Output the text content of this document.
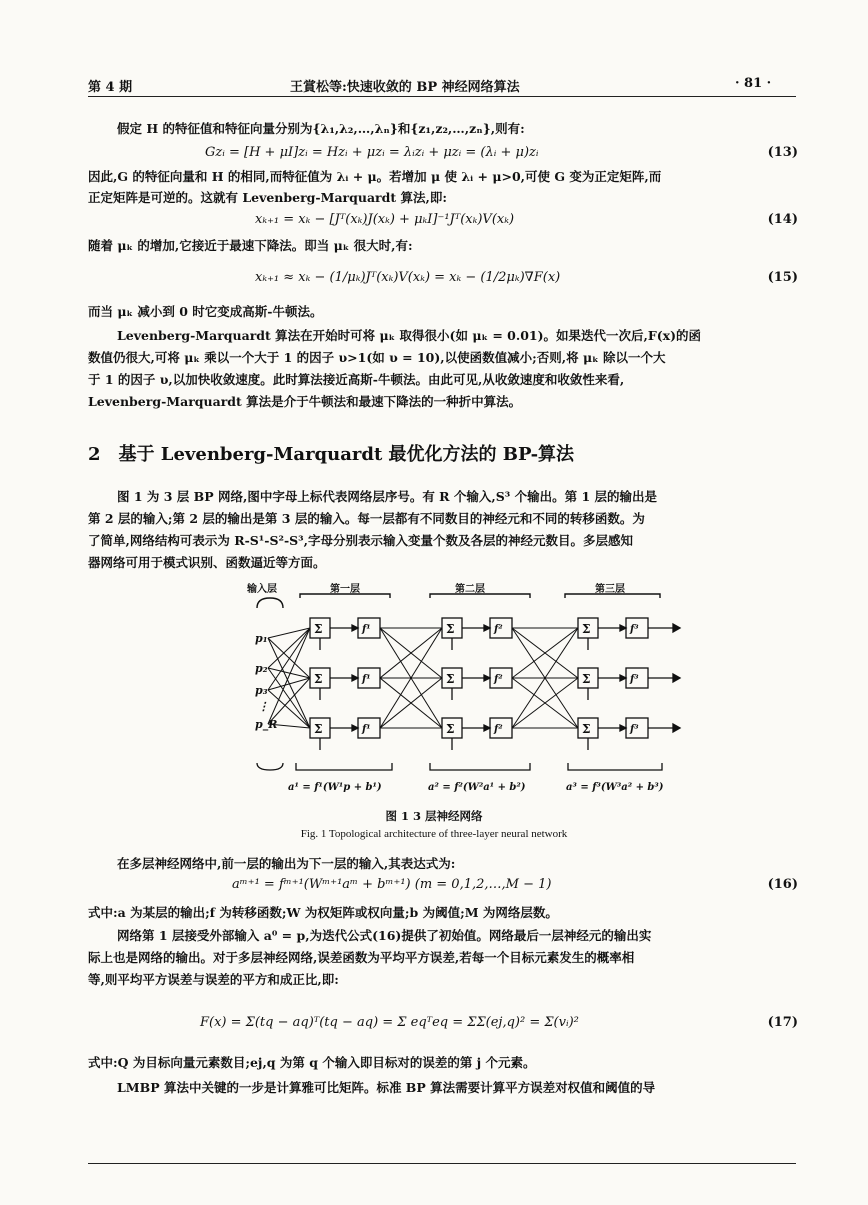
第 4 期	王賞松等:快速收敛的 BP 神经网络算法	· 81 ·
假定 H 的特征值和特征向量分别为{λ₁,λ₂,…,λₙ}和{z₁,z₂,…,zₙ},则有:
Gzᵢ = [H + μI]zᵢ = Hzᵢ + μzᵢ = λᵢzᵢ + μzᵢ = (λᵢ + μ)zᵢ	(13)
因此,G 的特征向量和 H 的相同,而特征值为 λᵢ + μ。若增加 μ 使 λᵢ + μ>0,可使 G 变为正定矩阵,而
正定矩阵是可逆的。这就有 Levenberg-Marquardt 算法,即:
xₖ₊₁ = xₖ − [Jᵀ(xₖ)J(xₖ) + μₖI]⁻¹Jᵀ(xₖ)V(xₖ)	(14)
随着 μₖ 的增加,它接近于最速下降法。即当 μₖ 很大时,有:
xₖ₊₁ ≈ xₖ − (1/μₖ)Jᵀ(xₖ)V(xₖ) = xₖ − (1/2μₖ)∇F(x)	(15)
而当 μₖ 减小到 0 时它变成高斯-牛顿法。
Levenberg-Marquardt 算法在开始时可将 μₖ 取得很小(如 μₖ = 0.01)。如果迭代一次后,F(x)的函
数值仍很大,可将 μₖ 乘以一个大于 1 的因子 υ>1(如 υ = 10),以使函数值减小;否则,将 μₖ 除以一个大
于 1 的因子 υ,以加快收敛速度。此时算法接近高斯-牛顿法。由此可见,从收敛速度和收敛性来看,
Levenberg-Marquardt 算法是介于牛顿法和最速下降法的一种折中算法。
2 基于 Levenberg-Marquardt 最优化方法的 BP-算法
图 1 为 3 层 BP 网络,图中字母上标代表网络层序号。有 R 个输入,S³ 个输出。第 1 层的输出是
第 2 层的输入;第 2 层的输出是第 3 层的输入。每一层都有不同数目的神经元和不同的转移函数。为
了简单,网络结构可表示为 R-S¹-S²-S³,字母分别表示输入变量个数及各层的神经元数目。多层感知
器网络可用于模式识别、函数逼近等方面。
输入层	第一层	第二层	第三层
p₁
p₂
p₃
⋮
p_R
Σ
Σ
Σ
Σ
Σ
Σ
Σ
Σ
Σ
f¹
f¹
f¹
f²
f²
f²
f³
f³
f³
a¹ = f¹(W¹p + b¹)	a² = f²(W²a¹ + b²)	a³ = f³(W³a² + b³)
图 1 3 层神经网络
Fig. 1 Topological architecture of three-layer neural network
在多层神经网络中,前一层的输出为下一层的输入,其表达式为:
aᵐ⁺¹ = fᵐ⁺¹(Wᵐ⁺¹aᵐ + bᵐ⁺¹) (m = 0,1,2,…,M − 1)	(16)
式中:a 为某层的输出;f 为转移函数;W 为权矩阵或权向量;b 为阈值;M 为网络层数。
网络第 1 层接受外部输入 a⁰ = p,为迭代公式(16)提供了初始值。网络最后一层神经元的输出实
际上也是网络的输出。对于多层神经网络,误差函数为平均平方误差,若每一个目标元素发生的概率相
等,则平均平方误差与误差的平方和成正比,即:
F(x) = Σ(tq − aq)ᵀ(tq − aq) = Σ eqᵀeq = ΣΣ(ej,q)² = Σ(vᵢ)²	(17)
式中:Q 为目标向量元素数目;ej,q 为第 q 个输入即目标对的误差的第 j 个元素。
LMBP 算法中关键的一步是计算雅可比矩阵。标准 BP 算法需要计算平方误差对权值和阈值的导
